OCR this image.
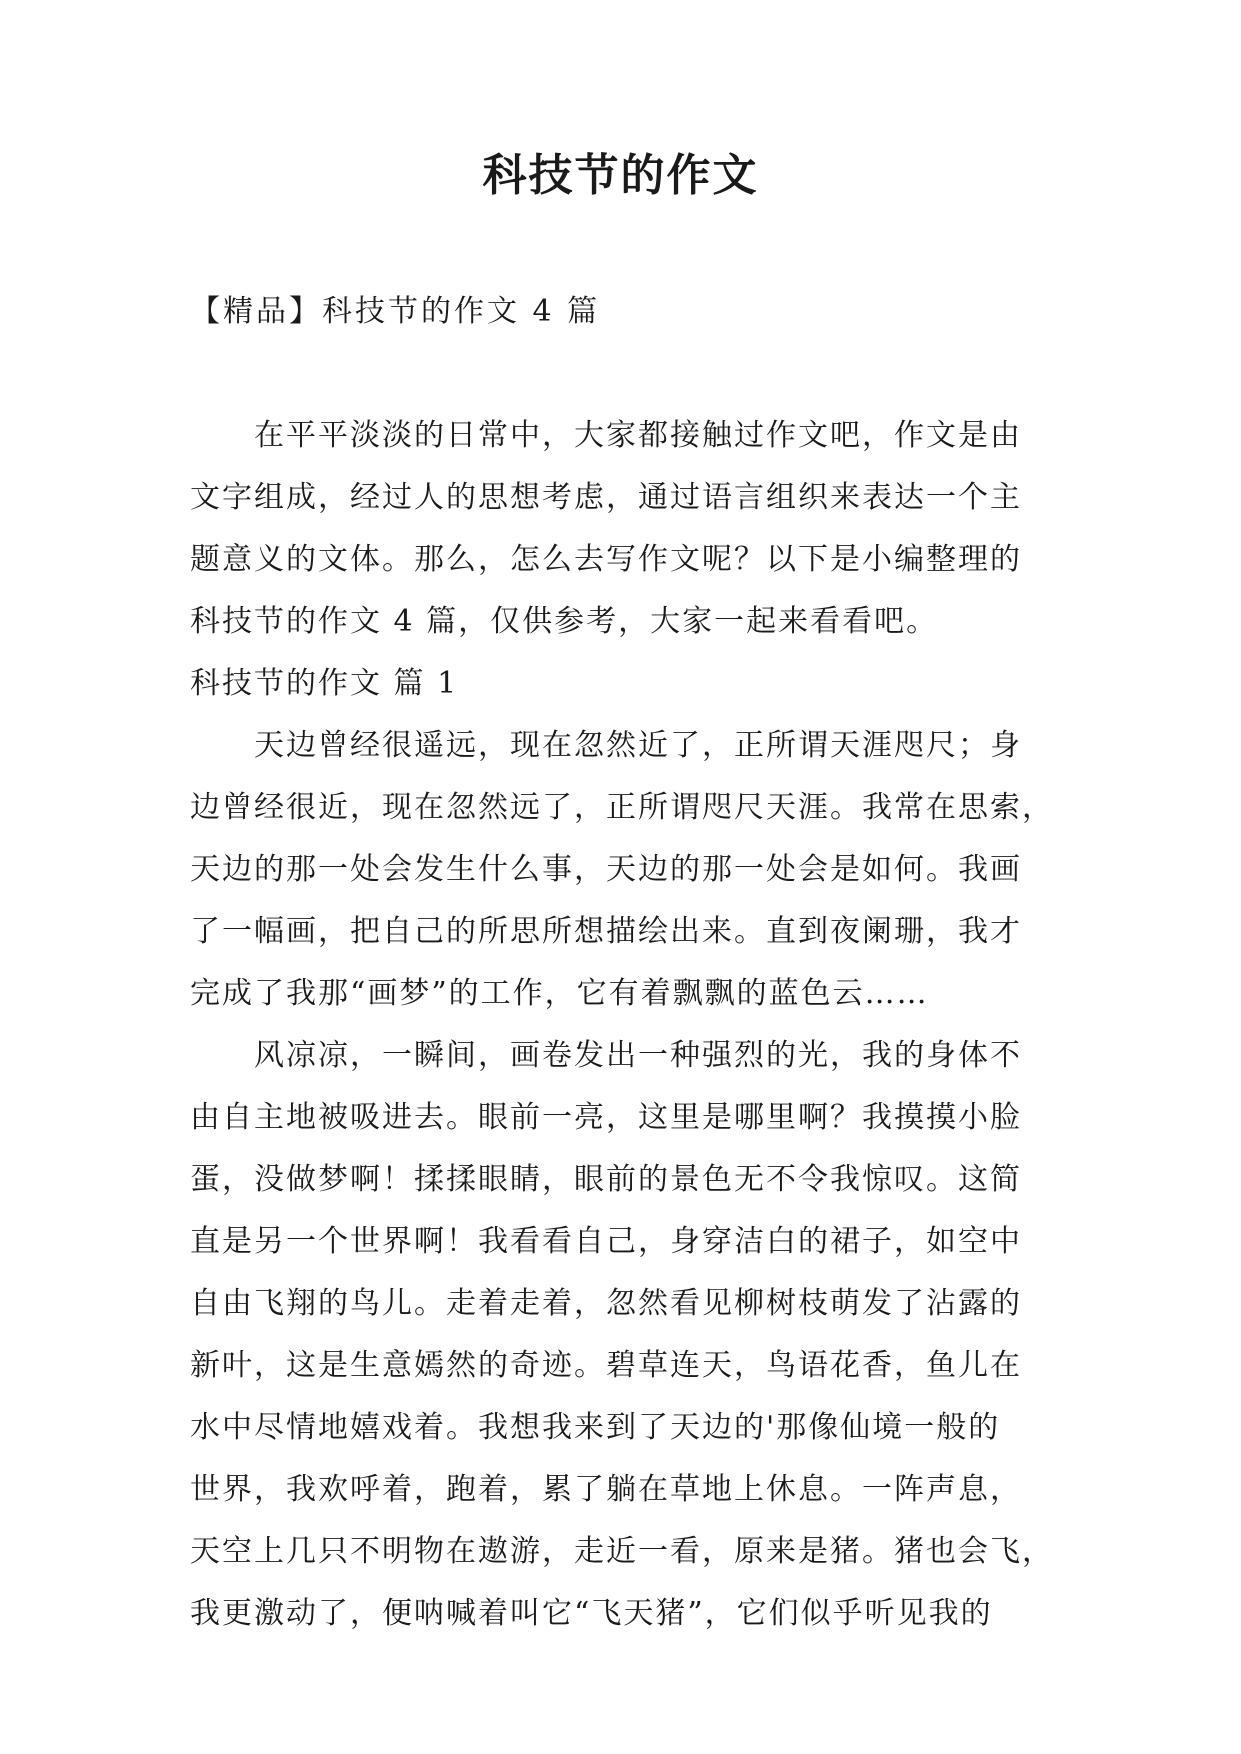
科技节的作文

【精品】科技节的作文 4 篇

在平平淡淡的日常中，大家都接触过作文吧，作文是由

文字组成，经过人的思想考虑，通过语言组织来表达一个主

题意义的文体。那么，怎么去写作文呢？以下是小编整理的

科技节的作文 4 篇，仅供参考，大家一起来看看吧。

科技节的作文 篇 1

天边曾经很遥远，现在忽然近了，正所谓天涯咫尺；身

边曾经很近，现在忽然远了，正所谓咫尺天涯。我常在思索，

天边的那一处会发生什么事，天边的那一处会是如何。我画

了一幅画，把自己的所思所想描绘出来。直到夜阑珊，我才

完成了我那“画梦”的工作，它有着飘飘的蓝色云……

风凉凉，一瞬间，画卷发出一种强烈的光，我的身体不

由自主地被吸进去。眼前一亮，这里是哪里啊？我摸摸小脸

蛋，没做梦啊！揉揉眼睛，眼前的景色无不令我惊叹。这简

直是另一个世界啊！我看看自己，身穿洁白的裙子，如空中

自由飞翔的鸟儿。走着走着，忽然看见柳树枝萌发了沾露的

新叶，这是生意嫣然的奇迹。碧草连天，鸟语花香，鱼儿在

水中尽情地嬉戏着。我想我来到了天边的'那像仙境一般的

世界，我欢呼着，跑着，累了躺在草地上休息。一阵声息，

天空上几只不明物在遨游，走近一看，原来是猪。猪也会飞，

我更激动了，便呐喊着叫它“飞天猪”，它们似乎听见我的
